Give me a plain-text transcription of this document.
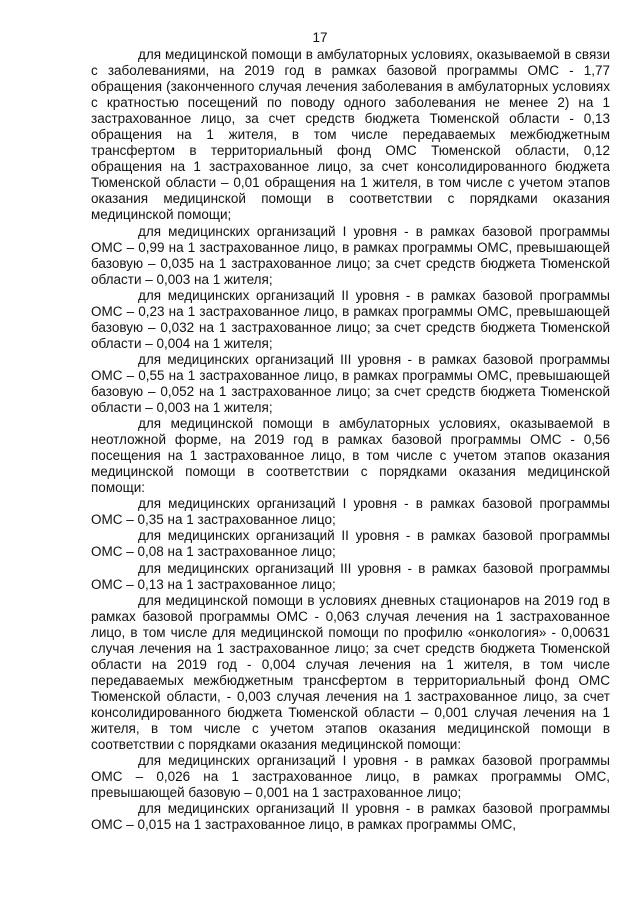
17

для медицинской помощи в амбулаторных условиях, оказываемой в связи с заболеваниями, на 2019 год в рамках базовой программы ОМС - 1,77 обращения (законченного случая лечения заболевания в амбулаторных условиях с кратностью посещений по поводу одного заболевания не менее 2) на 1 застрахованное лицо, за счет средств бюджета Тюменской области - 0,13 обращения на 1 жителя, в том числе передаваемых межбюджетным трансфертом в территориальный фонд ОМС Тюменской области, 0,12 обращения на 1 застрахованное лицо, за счет консолидированного бюджета Тюменской области – 0,01 обращения на 1 жителя, в том числе с учетом этапов оказания медицинской помощи в соответствии с порядками оказания медицинской помощи;

для медицинских организаций I уровня - в рамках базовой программы ОМС – 0,99 на 1 застрахованное лицо, в рамках программы ОМС, превышающей базовую – 0,035 на 1 застрахованное лицо; за счет средств бюджета Тюменской области – 0,003 на 1 жителя;

для медицинских организаций II уровня - в рамках базовой программы ОМС – 0,23 на 1 застрахованное лицо, в рамках программы ОМС, превышающей базовую – 0,032 на 1 застрахованное лицо; за счет средств бюджета Тюменской области – 0,004 на 1 жителя;

для медицинских организаций III уровня - в рамках базовой программы ОМС – 0,55 на 1 застрахованное лицо, в рамках программы ОМС, превышающей базовую – 0,052 на 1 застрахованное лицо; за счет средств бюджета Тюменской области – 0,003 на 1 жителя;

для медицинской помощи в амбулаторных условиях, оказываемой в неотложной форме, на 2019 год в рамках базовой программы ОМС - 0,56 посещения на 1 застрахованное лицо, в том числе с учетом этапов оказания медицинской помощи в соответствии с порядками оказания медицинской помощи:

для медицинских организаций I уровня - в рамках базовой программы ОМС – 0,35 на 1 застрахованное лицо;

для медицинских организаций II уровня - в рамках базовой программы ОМС – 0,08 на 1 застрахованное лицо;

для медицинских организаций III уровня - в рамках базовой программы ОМС – 0,13 на 1 застрахованное лицо;

для медицинской помощи в условиях дневных стационаров на 2019 год в рамках базовой программы ОМС - 0,063 случая лечения на 1 застрахованное лицо, в том числе для медицинской помощи по профилю «онкология» - 0,00631 случая лечения на 1 застрахованное лицо; за счет средств бюджета Тюменской области на 2019 год - 0,004 случая лечения на 1 жителя, в том числе передаваемых межбюджетным трансфертом в территориальный фонд ОМС Тюменской области, - 0,003 случая лечения на 1 застрахованное лицо, за счет консолидированного бюджета Тюменской области – 0,001 случая лечения на 1 жителя, в том числе с учетом этапов оказания медицинской помощи в соответствии с порядками оказания медицинской помощи:

для медицинских организаций I уровня - в рамках базовой программы ОМС – 0,026 на 1 застрахованное лицо, в рамках программы ОМС, превышающей базовую – 0,001 на 1 застрахованное лицо;

для медицинских организаций II уровня - в рамках базовой программы ОМС – 0,015 на 1 застрахованное лицо, в рамках программы ОМС,
